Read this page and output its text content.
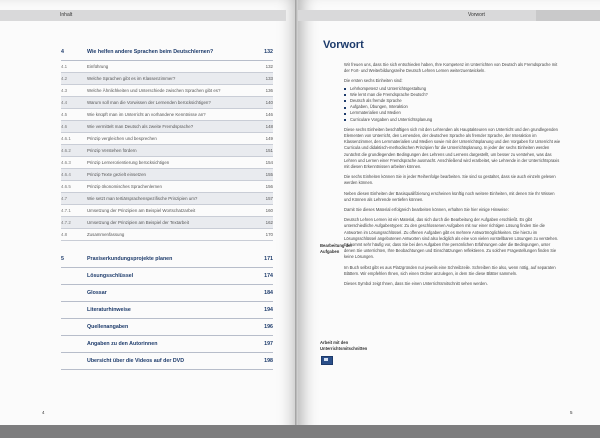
Inhalt
4	Wie helfen andere Sprachen beim Deutschlernen?	132
4.1	Einführung	132
4.2	Welche Sprachen gibt es im Klassenzimmer?	133
4.3	Welche Ähnlichkeiten und Unterschiede zwischen Sprachen gibt es?	136
4.4	Warum soll man die Vorwissen der Lernenden berücksichtigen?	140
4.5	Wie knüpft man im Unterricht an vorhandene Kenntnisse an?	146
4.6	Wie vermittelt man Deutsch als zweite Fremdsprache?	148
4.6.1	Prinzip vergleichen und besprechen	149
4.6.2	Prinzip Verstehen fördern	151
4.6.3	Prinzip Lernerorientierung berücksichtigen	154
4.6.4	Prinzip Texte gezielt einsetzen	155
4.6.5	Prinzip ökonomisches Sprachenlernen	156
4.7	Wie setzt man tertiärsprachenspezifische Prinzipien um?	157
4.7.1	Umsetzung der Prinzipien am Beispiel Wortschatzarbeit	160
4.7.2	Umsetzung der Prinzipien am Beispiel der Textarbeit	162
4.8	Zusammenfassung	170
5	Praxiserkundungsprojekte planen	171
Lösungsschlüssel	174
Glossar	184
Literaturhinweise	194
Quellenangaben	196
Angaben zu den Autorinnen	197
Übersicht über die Videos auf der DVD	198
4
Vorwort
Vorwort

Wir freuen uns, dass Sie sich entschieden haben, Ihre Kompetenz im Unterrichten von Deutsch als Fremdsprache mit der Fort- und Weiterbildungsreihe Deutsch Lehren Lernen weiterzuentwickeln.

Die ersten sechs Einheiten sind:

Lehrkompetenz und Unterrichtsgestaltung
Wie lernt man die Fremdsprache Deutsch?
Deutsch als fremde Sprache
Aufgaben, Übungen, Interaktion
Lernmaterialien und Medien
Curriculare Vorgaben und Unterrichtsplanung

Diese sechs Einheiten beschäftigen sich mit den Lehrenden als Hauptakteuren von Unterricht und den grundlegenden Elementen von Unterricht, den Lernenden, der deutschen Sprache als fremder Sprache, der Interaktion im Klassenzimmer, den Lernmaterialien und Medien sowie mit der Unterrichtsplanung und den Vorgaben für Unterricht wie Curricula und didaktisch-methodischen Prinzipien für die Unterrichtsplanung. In jeder der sechs Einheiten werden zunächst die grundlegenden Bedingungen des Lehrens und Lernens dargestellt, um besser zu verstehen, was das Lehren und Lernen einer Fremdsprache ausmacht. Anschließend wird erarbeitet, wie Lehrende in der Unterrichtspraxis mit diesen Erkenntnissen arbeiten können.

Die sechs Einheiten können Sie in jeder Reihenfolge bearbeiten. Sie sind so gestaltet, dass sie auch einzeln gelesen werden können.

Neben diesen Einheiten der Basisqualifizierung erscheinen künftig noch weitere Einheiten, mit denen Sie Ihr Wissen und Können als Lehrende vertiefen können.

Damit Sie dieses Material erfolgreich bearbeiten können, erhalten Sie hier einige Hinweise:

Deutsch Lehren Lernen ist ein Material, das sich durch die Bearbeitung der Aufgaben erschließt. Es gibt unterschiedliche Aufgabentypen: Zu den geschlossenen Aufgaben mit nur einer richtigen Lösung finden Sie die Antworten im Lösungsschlüssel. Zu offenen Aufgaben gibt es mehrere Antwortmöglichkeiten. Die hierzu im Lösungsschlüssel angebotenen Antworten sind also lediglich als eine von vielen vorstellbaren Lösungen zu verstehen. Es kommt sehr häufig vor, dass Sie bei den Aufgaben Ihre persönlichen Erfahrungen oder die Bedingungen, unter denen Sie unterrichten, Ihre Beobachtungen und Einschätzungen reflektieren. Zu solchen Fragestellungen finden Sie keine Lösungen.

Im Buch selbst gibt es aus Platzgründen nur jeweils eine Schreibzeile. Schreiben Sie also, wenn nötig, auf separaten Blättern. Wir empfehlen Ihnen, sich einen Ordner anzulegen, in dem Sie diese Blätter sammeln.

Dieses Symbol zeigt Ihnen, dass Sie einen Unterrichtsmitschnitt sehen werden.

Bearbeitung der Aufgaben
Arbeit mit den Unterrichtsmitschnitten
5
